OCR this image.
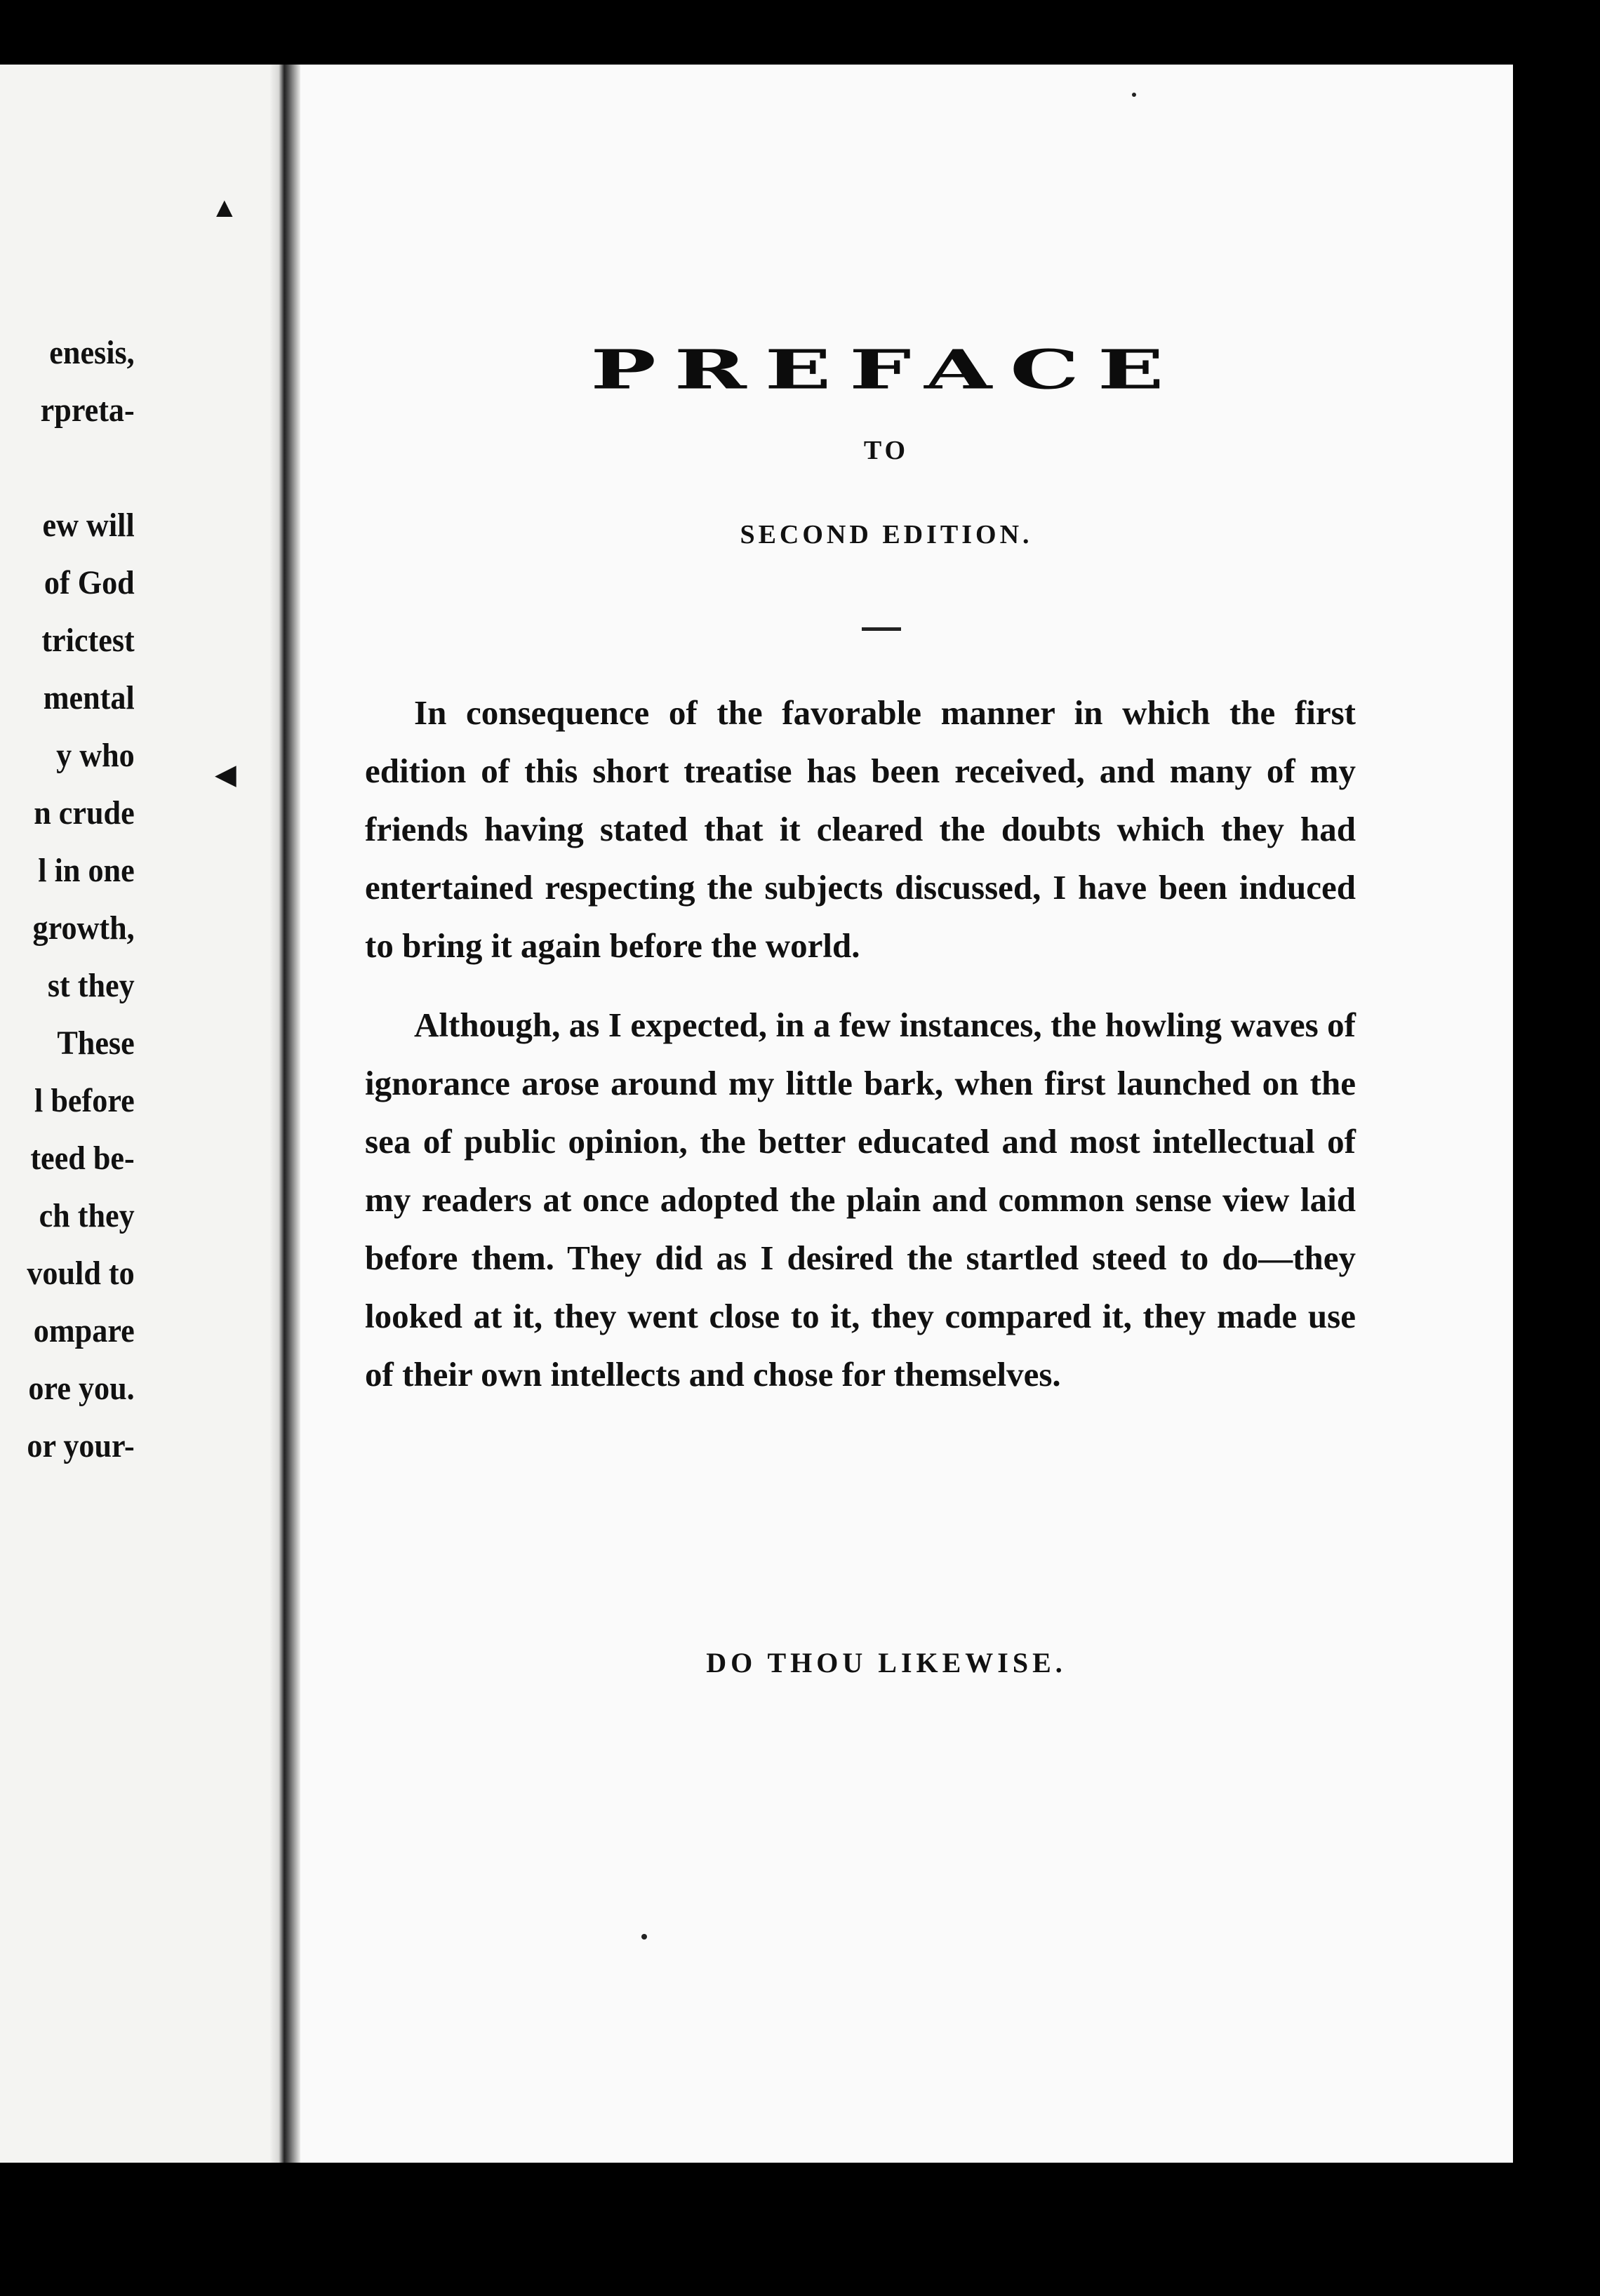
▲
◀
enesis,
rpreta-
ew will
of God
trictest
mental
y who
n crude
l in one
growth,
st they
These
l before
teed be-
ch they
vould to
ompare
ore you.
or your-
PREFACE
TO
SECOND EDITION.

In consequence of the favorable manner in which the first edition of this short treatise has been received, and many of my friends having stated that it cleared the doubts which they had entertained respecting the subjects discussed, I have been induced to bring it again before the world.

Although, as I expected, in a few instances, the howling waves of ignorance arose around my little bark, when first launched on the sea of public opinion, the better educated and most intellectual of my readers at once adopted the plain and common sense view laid before them. They did as I desired the startled steed to do—they looked at it, they went close to it, they compared it, they made use of their own intellects and chose for themselves.

DO THOU LIKEWISE.
